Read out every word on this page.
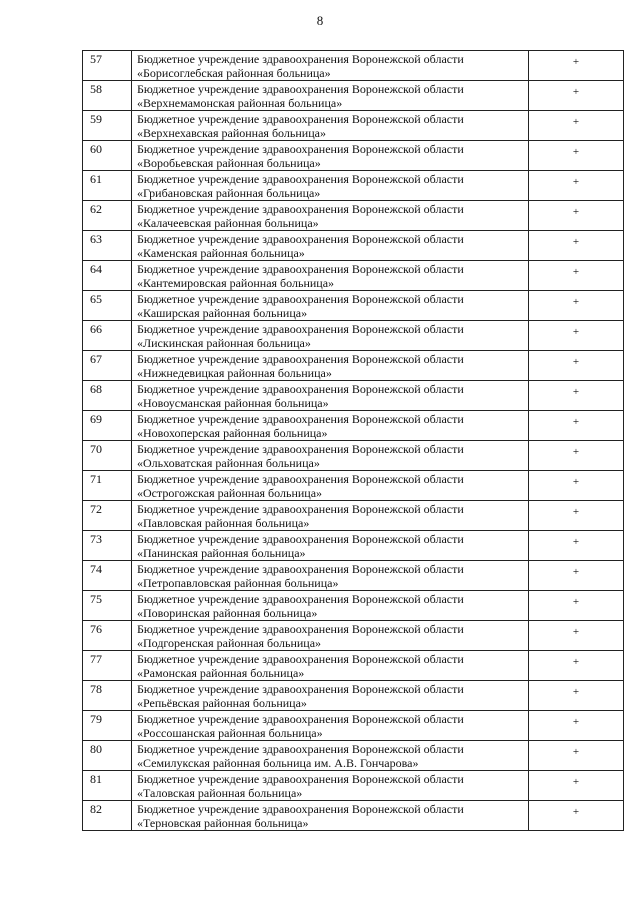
8
57	Бюджетное учреждение здравоохранения Воронежской области
«Борисоглебская районная больница»	+
58	Бюджетное учреждение здравоохранения Воронежской области
«Верхнемамонская районная больница»	+
59	Бюджетное учреждение здравоохранения Воронежской области
«Верхнехавская районная больница»	+
60	Бюджетное учреждение здравоохранения Воронежской области
«Воробьевская районная больница»	+
61	Бюджетное учреждение здравоохранения Воронежской области
«Грибановская районная больница»	+
62	Бюджетное учреждение здравоохранения Воронежской области
«Калачеевская районная больница»	+
63	Бюджетное учреждение здравоохранения Воронежской области
«Каменская районная больница»	+
64	Бюджетное учреждение здравоохранения Воронежской области
«Кантемировская районная больница»	+
65	Бюджетное учреждение здравоохранения Воронежской области
«Каширская районная больница»	+
66	Бюджетное учреждение здравоохранения Воронежской области
«Лискинская районная больница»	+
67	Бюджетное учреждение здравоохранения Воронежской области
«Нижнедевицкая районная больница»	+
68	Бюджетное учреждение здравоохранения Воронежской области
«Новоусманская районная больница»	+
69	Бюджетное учреждение здравоохранения Воронежской области
«Новохоперская районная больница»	+
70	Бюджетное учреждение здравоохранения Воронежской области
«Ольховатская районная больница»	+
71	Бюджетное учреждение здравоохранения Воронежской области
«Острогожская районная больница»	+
72	Бюджетное учреждение здравоохранения Воронежской области
«Павловская районная больница»	+
73	Бюджетное учреждение здравоохранения Воронежской области
«Панинская районная больница»	+
74	Бюджетное учреждение здравоохранения Воронежской области
«Петропавловская районная больница»	+
75	Бюджетное учреждение здравоохранения Воронежской области
«Поворинская районная больница»	+
76	Бюджетное учреждение здравоохранения Воронежской области
«Подгоренская районная больница»	+
77	Бюджетное учреждение здравоохранения Воронежской области
«Рамонская районная больница»	+
78	Бюджетное учреждение здравоохранения Воронежской области
«Репьёвская районная больница»	+
79	Бюджетное учреждение здравоохранения Воронежской области
«Россошанская районная больница»	+
80	Бюджетное учреждение здравоохранения Воронежской области
«Семилукская районная больница им. А.В. Гончарова»	+
81	Бюджетное учреждение здравоохранения Воронежской области
«Таловская районная больница»	+
82	Бюджетное учреждение здравоохранения Воронежской области
«Терновская районная больница»	+
